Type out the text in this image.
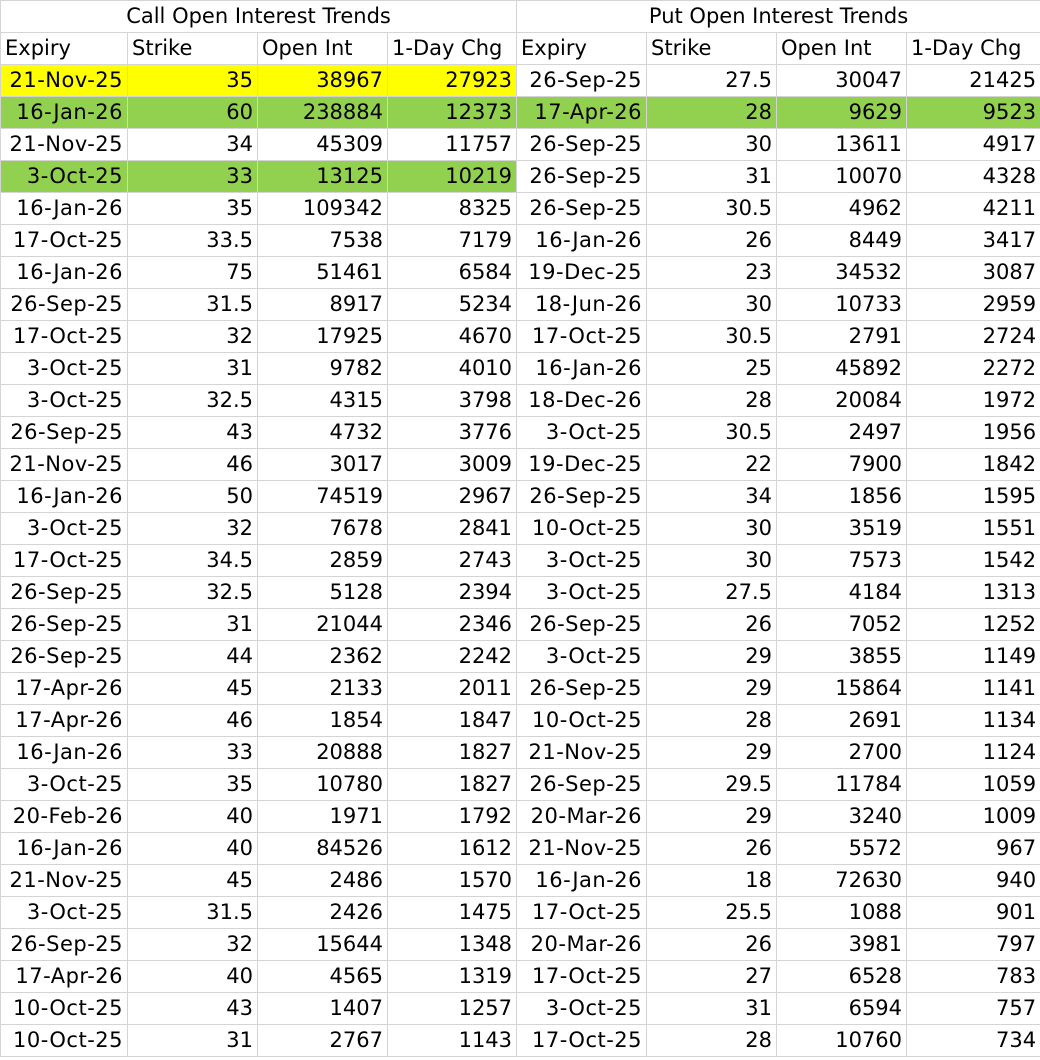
Call Open Interest Trends				Put Open Interest Trends			
Expiry	Strike	Open Int	1-Day Chg	Expiry	Strike	Open Int	1-Day Chg
21-Nov-25	35	38967	27923	26-Sep-25	27.5	30047	21425
16-Jan-26	60	238884	12373	17-Apr-26	28	9629	9523
21-Nov-25	34	45309	11757	26-Sep-25	30	13611	4917
3-Oct-25	33	13125	10219	26-Sep-25	31	10070	4328
16-Jan-26	35	109342	8325	26-Sep-25	30.5	4962	4211
17-Oct-25	33.5	7538	7179	16-Jan-26	26	8449	3417
16-Jan-26	75	51461	6584	19-Dec-25	23	34532	3087
26-Sep-25	31.5	8917	5234	18-Jun-26	30	10733	2959
17-Oct-25	32	17925	4670	17-Oct-25	30.5	2791	2724
3-Oct-25	31	9782	4010	16-Jan-26	25	45892	2272
3-Oct-25	32.5	4315	3798	18-Dec-26	28	20084	1972
26-Sep-25	43	4732	3776	3-Oct-25	30.5	2497	1956
21-Nov-25	46	3017	3009	19-Dec-25	22	7900	1842
16-Jan-26	50	74519	2967	26-Sep-25	34	1856	1595
3-Oct-25	32	7678	2841	10-Oct-25	30	3519	1551
17-Oct-25	34.5	2859	2743	3-Oct-25	30	7573	1542
26-Sep-25	32.5	5128	2394	3-Oct-25	27.5	4184	1313
26-Sep-25	31	21044	2346	26-Sep-25	26	7052	1252
26-Sep-25	44	2362	2242	3-Oct-25	29	3855	1149
17-Apr-26	45	2133	2011	26-Sep-25	29	15864	1141
17-Apr-26	46	1854	1847	10-Oct-25	28	2691	1134
16-Jan-26	33	20888	1827	21-Nov-25	29	2700	1124
3-Oct-25	35	10780	1827	26-Sep-25	29.5	11784	1059
20-Feb-26	40	1971	1792	20-Mar-26	29	3240	1009
16-Jan-26	40	84526	1612	21-Nov-25	26	5572	967
21-Nov-25	45	2486	1570	16-Jan-26	18	72630	940
3-Oct-25	31.5	2426	1475	17-Oct-25	25.5	1088	901
26-Sep-25	32	15644	1348	20-Mar-26	26	3981	797
17-Apr-26	40	4565	1319	17-Oct-25	27	6528	783
10-Oct-25	43	1407	1257	3-Oct-25	31	6594	757
10-Oct-25	31	2767	1143	17-Oct-25	28	10760	734
